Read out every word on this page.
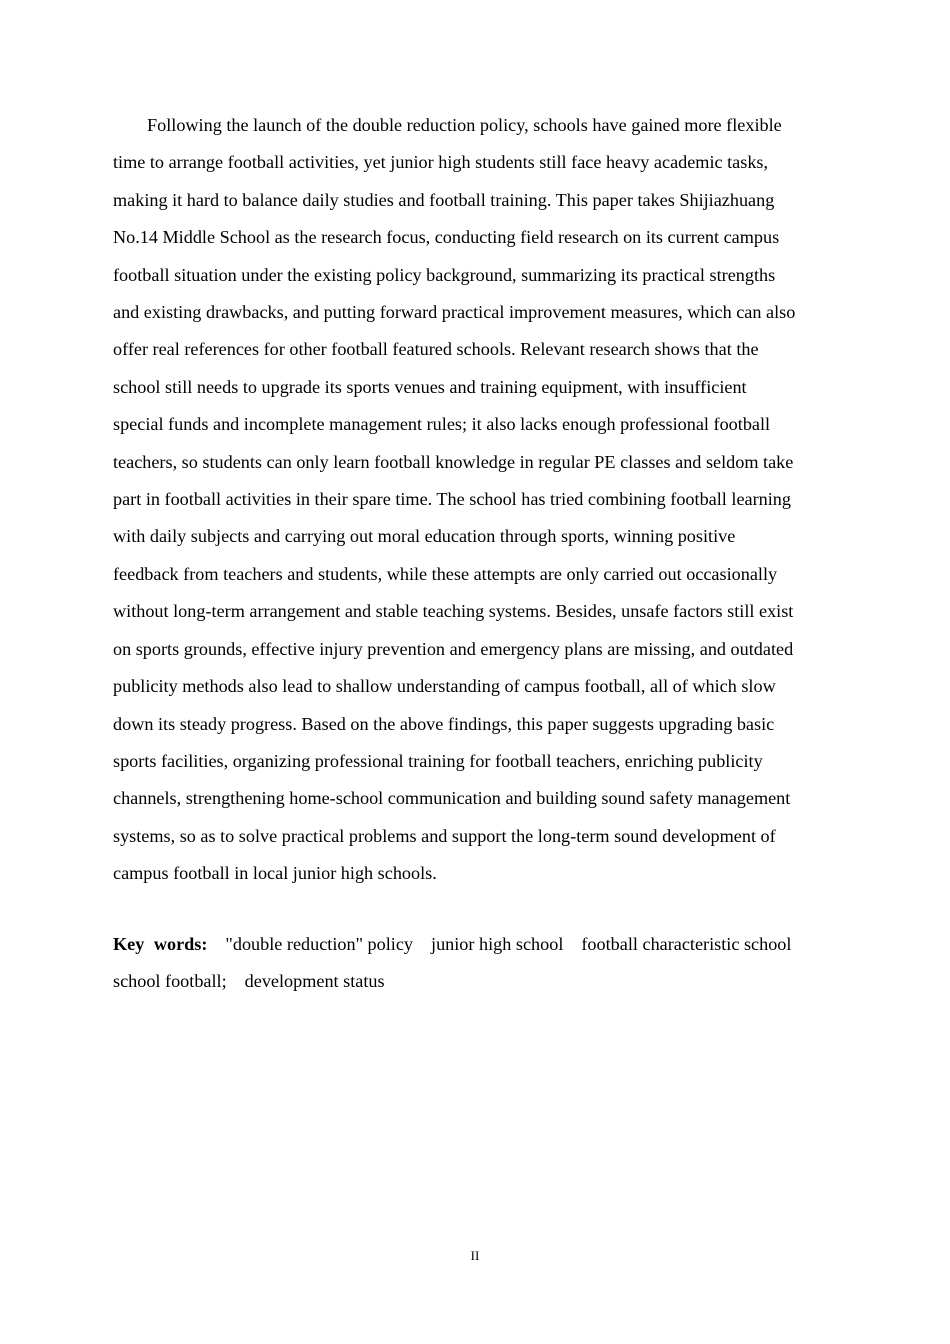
Following the launch of the double reduction policy, schools have gained more flexible
time to arrange football activities, yet junior high students still face heavy academic tasks,
making it hard to balance daily studies and football training. This paper takes Shijiazhuang
No.14 Middle School as the research focus, conducting field research on its current campus
football situation under the existing policy background, summarizing its practical strengths
and existing drawbacks, and putting forward practical improvement measures, which can also
offer real references for other football featured schools. Relevant research shows that the
school still needs to upgrade its sports venues and training equipment, with insufficient
special funds and incomplete management rules; it also lacks enough professional football
teachers, so students can only learn football knowledge in regular PE classes and seldom take
part in football activities in their spare time. The school has tried combining football learning
with daily subjects and carrying out moral education through sports, winning positive
feedback from teachers and students, while these attempts are only carried out occasionally
without long-term arrangement and stable teaching systems. Besides, unsafe factors still exist
on sports grounds, effective injury prevention and emergency plans are missing, and outdated
publicity methods also lead to shallow understanding of campus football, all of which slow
down its steady progress. Based on the above findings, this paper suggests upgrading basic
sports facilities, organizing professional training for football teachers, enriching publicity
channels, strengthening home-school communication and building sound safety management
systems, so as to solve practical problems and support the long-term sound development of
campus football in local junior high schools.

Key words: "double reduction" policy junior high school football characteristic school
school football; development status

II
